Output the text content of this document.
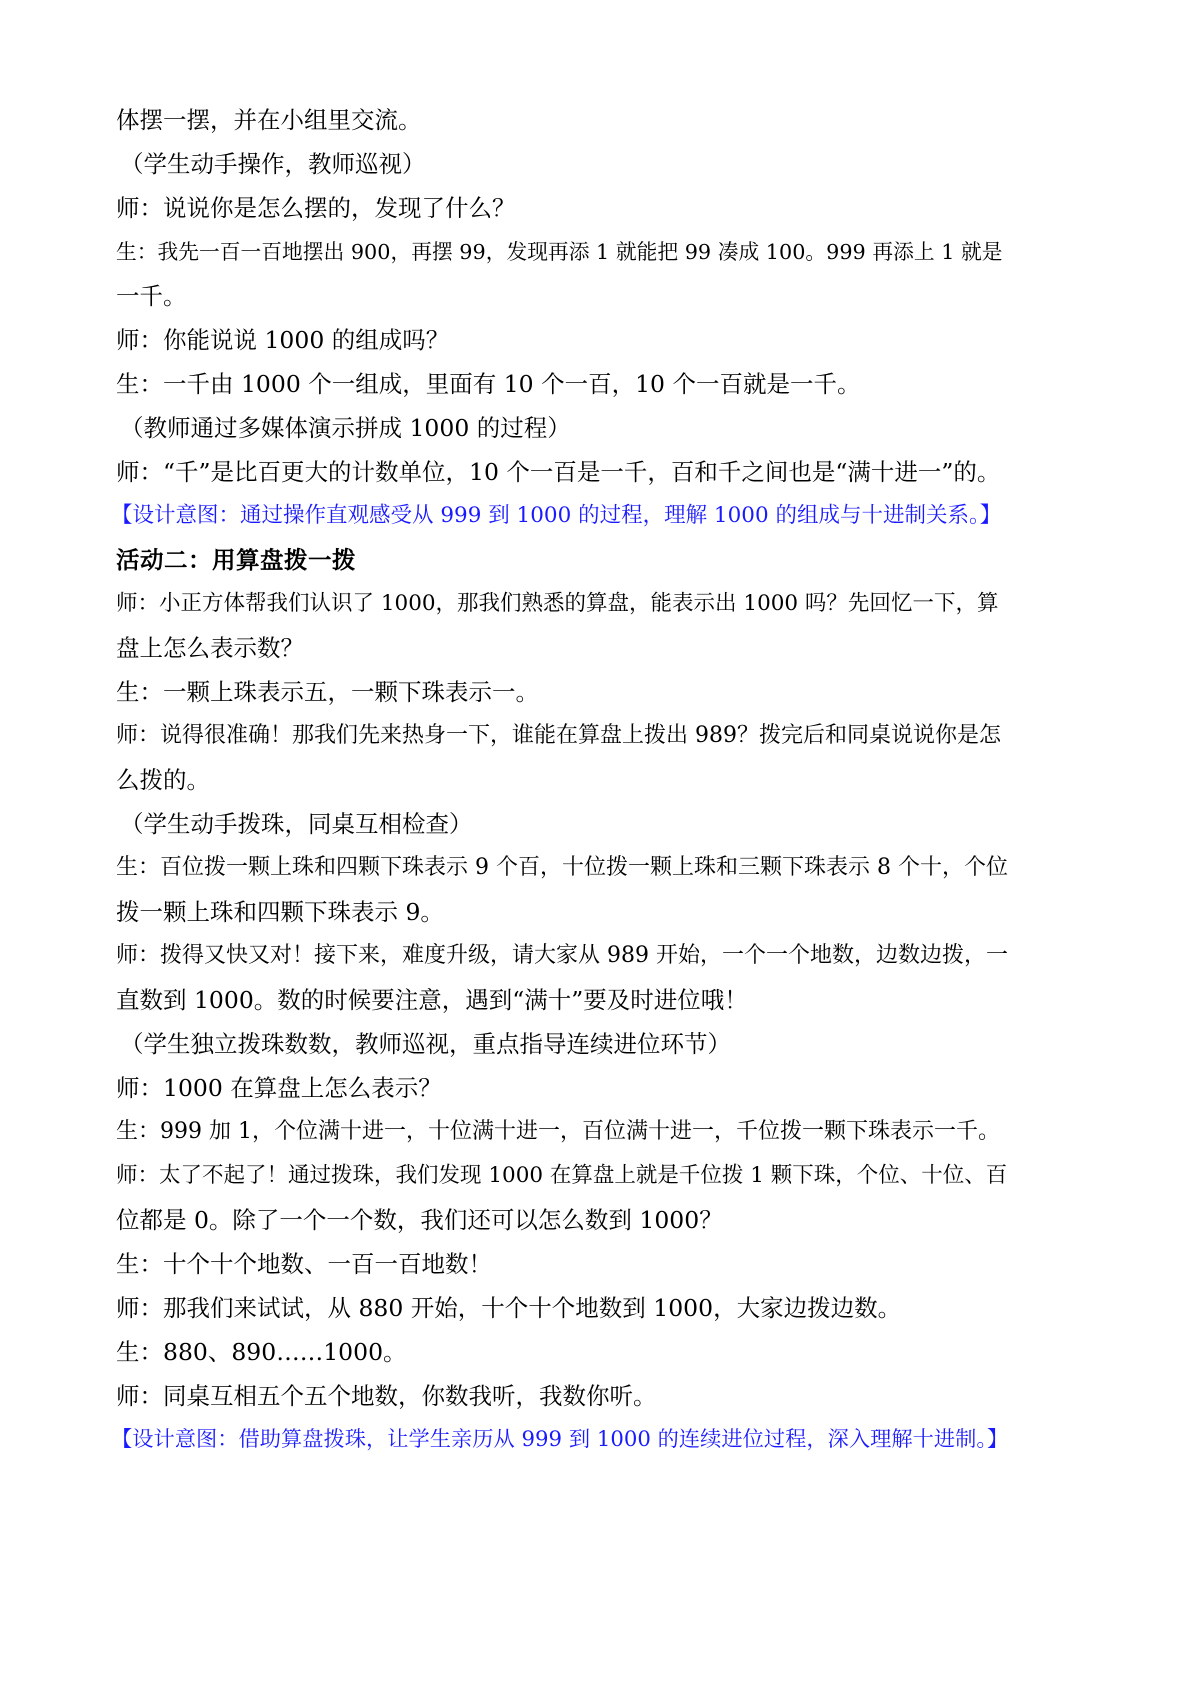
体摆一摆，并在小组里交流。

（学生动手操作，教师巡视）

师：说说你是怎么摆的，发现了什么？

生：我先一百一百地摆出 900，再摆 99，发现再添 1 就能把 99 凑成 100。999 再添上 1 就是

一千。

师：你能说说 1000 的组成吗？

生：一千由 1000 个一组成，里面有 10 个一百，10 个一百就是一千。

（教师通过多媒体演示拼成 1000 的过程）

师：“千”是比百更大的计数单位，10 个一百是一千，百和千之间也是“满十进一”的。

【设计意图：通过操作直观感受从 999 到 1000 的过程，理解 1000 的组成与十进制关系。】

活动二：用算盘拨一拨

师：小正方体帮我们认识了 1000，那我们熟悉的算盘，能表示出 1000 吗？先回忆一下，算

盘上怎么表示数？

生：一颗上珠表示五，一颗下珠表示一。

师：说得很准确！那我们先来热身一下，谁能在算盘上拨出 989？拨完后和同桌说说你是怎

么拨的。

（学生动手拨珠，同桌互相检查）

生：百位拨一颗上珠和四颗下珠表示 9 个百，十位拨一颗上珠和三颗下珠表示 8 个十，个位

拨一颗上珠和四颗下珠表示 9。

师：拨得又快又对！接下来，难度升级，请大家从 989 开始，一个一个地数，边数边拨，一

直数到 1000。数的时候要注意，遇到“满十”要及时进位哦！

（学生独立拨珠数数，教师巡视，重点指导连续进位环节）

师：1000 在算盘上怎么表示？

生：999 加 1，个位满十进一，十位满十进一，百位满十进一，千位拨一颗下珠表示一千。

师：太了不起了！通过拨珠，我们发现 1000 在算盘上就是千位拨 1 颗下珠，个位、十位、百

位都是 0。除了一个一个数，我们还可以怎么数到 1000？

生：十个十个地数、一百一百地数！

师：那我们来试试，从 880 开始，十个十个地数到 1000，大家边拨边数。

生：880、890……1000。

师：同桌互相五个五个地数，你数我听，我数你听。

【设计意图：借助算盘拨珠，让学生亲历从 999 到 1000 的连续进位过程，深入理解十进制。】
